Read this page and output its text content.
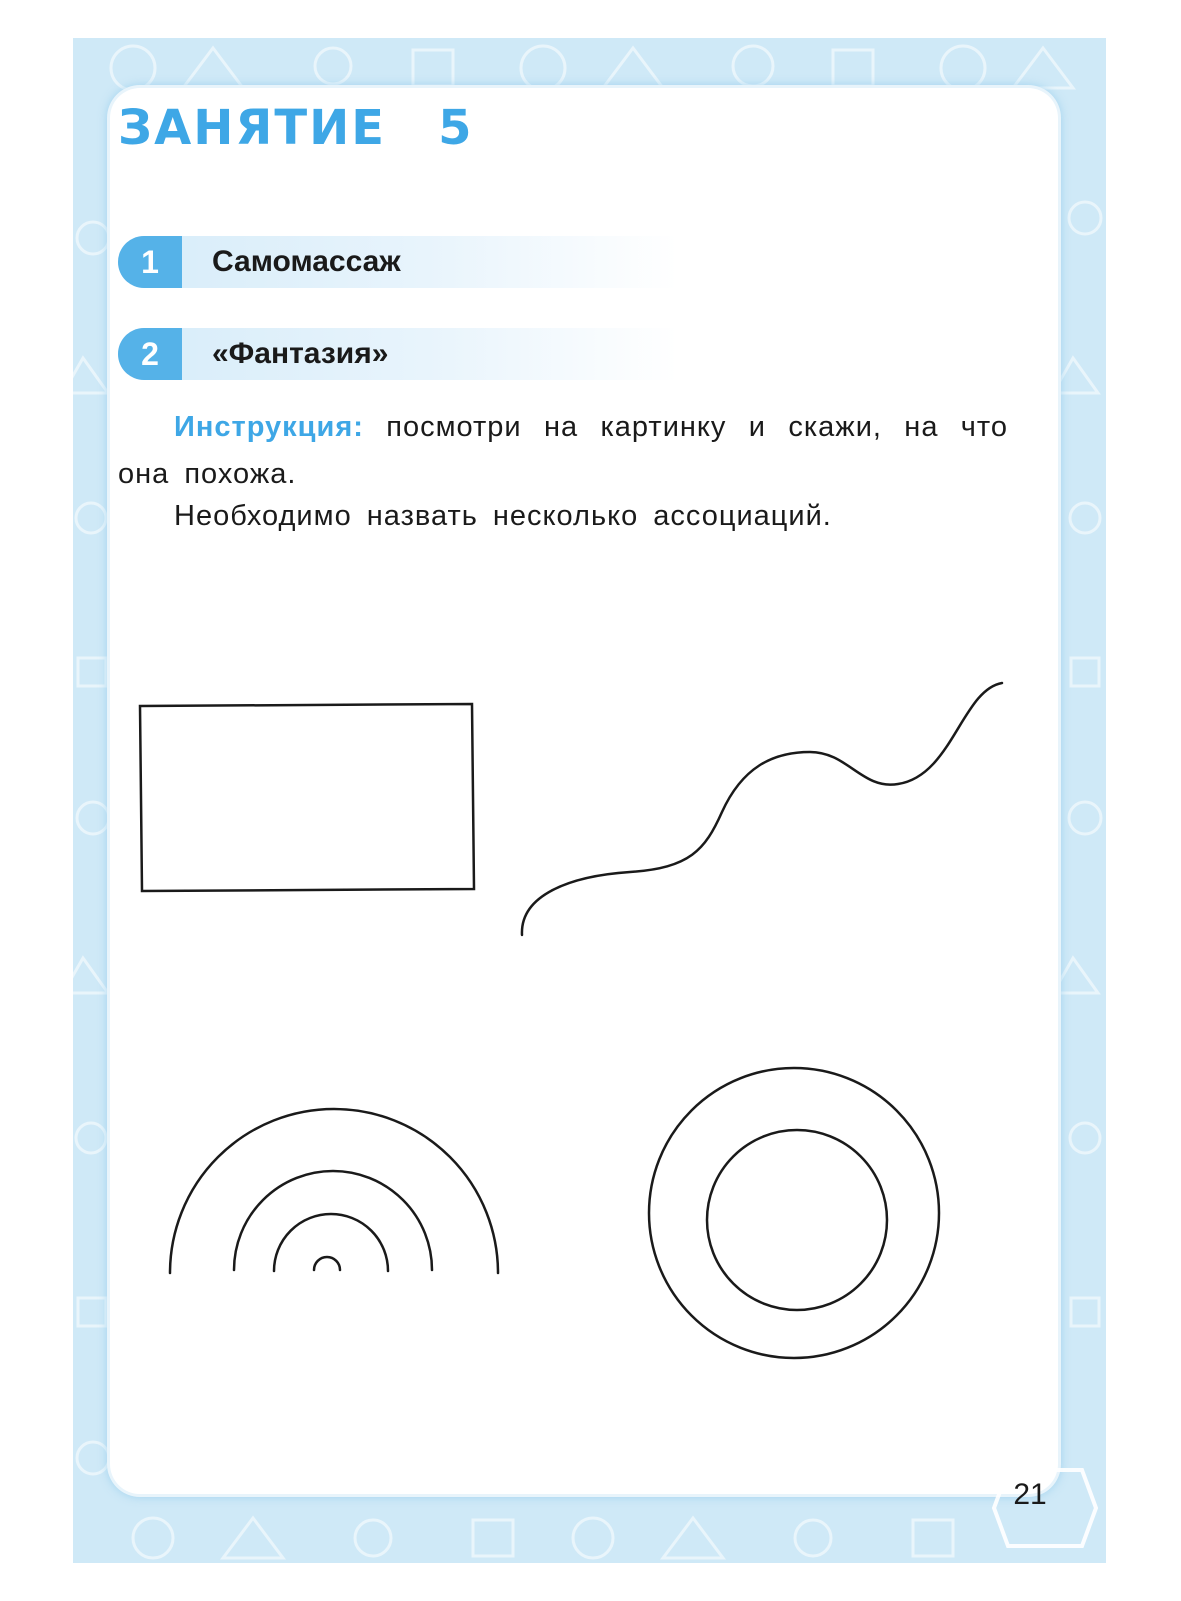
ЗАНЯТИЕ 5
1	Самомассаж
2	«Фантазия»

Инструкция: посмотри на картинку и скажи, на что она похожа.

Необходимо назвать несколько ассоциаций.

21
